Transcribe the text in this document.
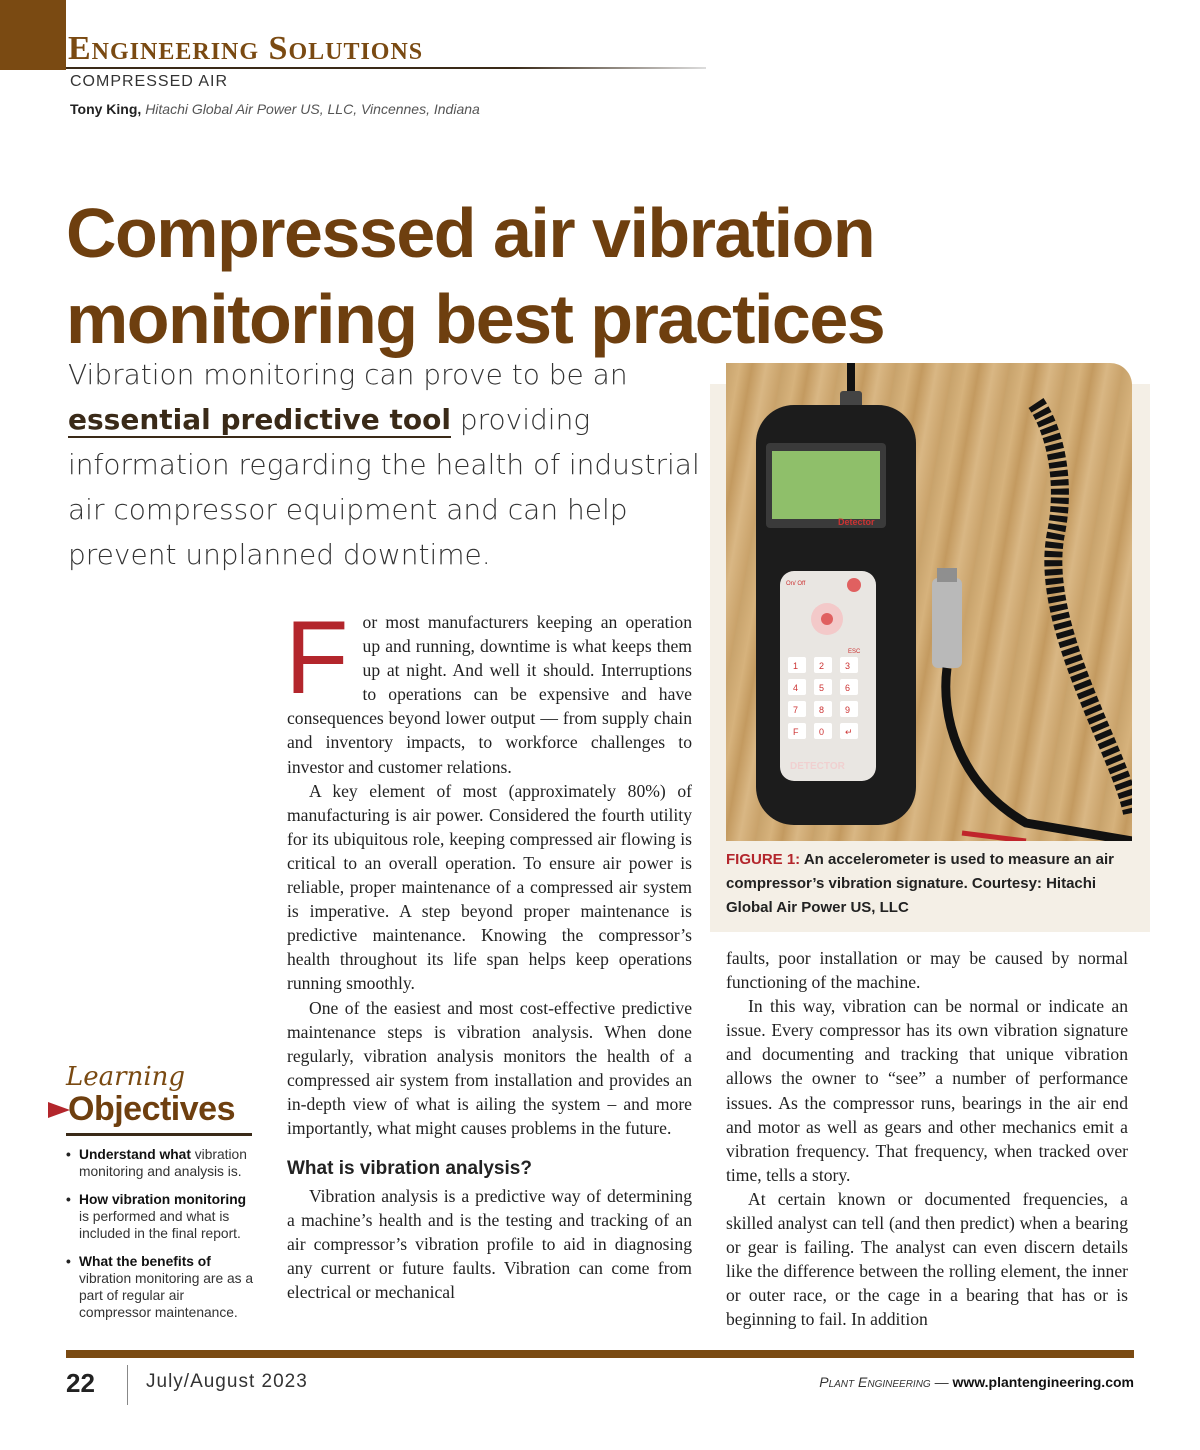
Engineering Solutions
COMPRESSED AIR
Tony King, Hitachi Global Air Power US, LLC, Vincennes, Indiana
Compressed air vibration
monitoring best practices
Vibration monitoring can prove to be an essential predictive tool providing information regarding the health of industrial air compressor equipment and can help prevent unplanned downtime.
Detector
On/ Off
ESC
1 2 3
4 5 6
7 8 9
F 0 ↵
DETECTOR
FIGURE 1: An accelerometer is used to measure an air compressor’s vibration signature. Courtesy: Hitachi Global Air Power US, LLC

For most manufacturers keeping an operation up and running, downtime is what keeps them up at night. And well it should. Interruptions to operations can be expensive and have consequences beyond lower output — from supply chain and inventory impacts, to workforce challenges to investor and customer relations.

A key element of most (approximately 80%) of manufacturing is air power. Considered the fourth utility for its ubiquitous role, keeping compressed air flowing is critical to an overall operation. To ensure air power is reliable, proper maintenance of a compressed air system is imperative. A step beyond proper maintenance is predictive maintenance. Knowing the compressor’s health throughout its life span helps keep operations running smoothly.

One of the easiest and most cost-effective predictive maintenance steps is vibration analysis. When done regularly, vibration analysis monitors the health of a compressed air system from installation and provides an in-depth view of what is ailing the system – and more importantly, what might causes problems in the future.

What is vibration analysis?

Vibration analysis is a predictive way of determining a machine’s health and is the testing and tracking of an air compressor’s vibration profile to aid in diagnosing any current or future faults. Vibration can come from electrical or mechanical

faults, poor installation or may be caused by normal functioning of the machine.

In this way, vibration can be normal or indicate an issue. Every compressor has its own vibration signature and documenting and tracking that unique vibration allows the owner to “see” a number of performance issues. As the compressor runs, bearings in the air end and motor as well as gears and other mechanics emit a vibration frequency. That frequency, when tracked over time, tells a story.

At certain known or documented frequencies, a skilled analyst can tell (and then predict) when a bearing or gear is failing. The analyst can even discern details like the difference between the rolling element, the inner or outer race, or the cage in a bearing that has or is beginning to fail. In addition

Learning
Objectives
• Understand what vibration monitoring and analysis is.
• How vibration monitoring is performed and what is included in the final report.
• What the benefits of vibration monitoring are as a part of regular air compressor maintenance.
22	July/August 2023	Plant Engineering — www.plantengineering.com
